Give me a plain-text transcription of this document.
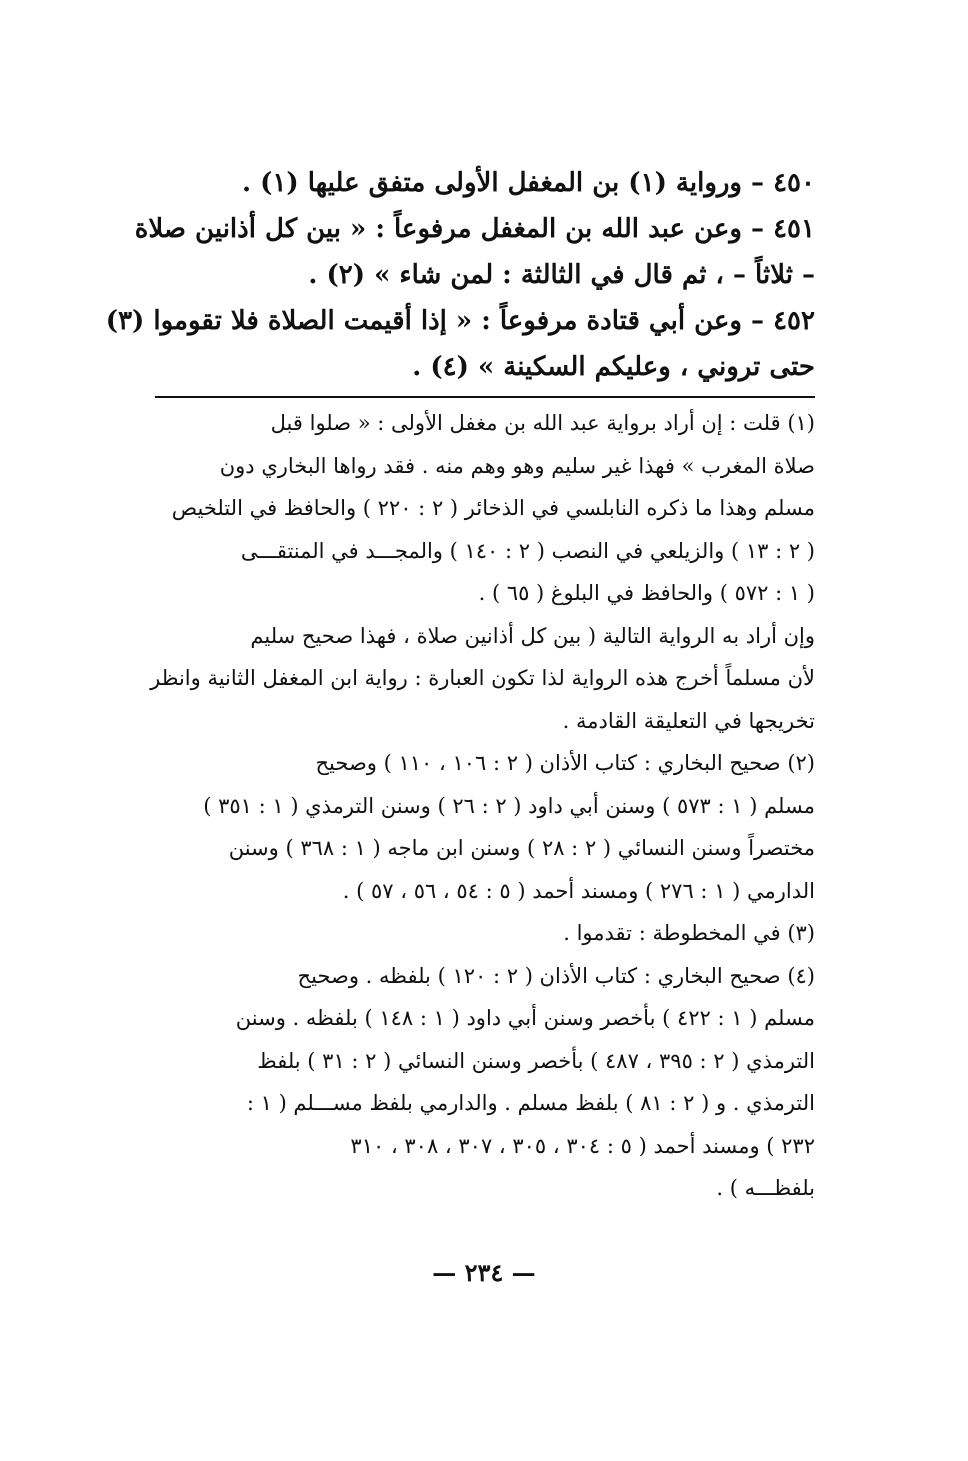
٤٥٠ – ورواية (١) بن المغفل الأولى متفق عليها (١) .

٤٥١ – وعن عبد الله بن المغفل مرفوعاً : « بين كل أذانين صلاة

– ثلاثاً – ، ثم قال في الثالثة : لمن شاء » (٢) .

٤٥٢ – وعن أبي قتادة مرفوعاً : « إذا أقيمت الصلاة فلا تقوموا (٣)

حتى تروني ، وعليكم السكينة » (٤) .

(١) قلت : إن أراد برواية عبد الله بن مغفل الأولى : « صلوا قبل

صلاة المغرب » فهذا غير سليم وهو وهم منه . فقد رواها البخاري دون

مسلم وهذا ما ذكره النابلسي في الذخائر ( ٢ : ٢٢٠ ) والحافظ في التلخيص

( ٢ : ١٣ ) والزيلعي في النصب ( ٢ : ١٤٠ ) والمجـــد في المنتقـــى

( ١ : ٥٧٢ ) والحافظ في البلوغ ( ٦٥ ) .

وإن أراد به الرواية التالية ( بين كل أذانين صلاة ، فهذا صحيح سليم

لأن مسلماً أخرج هذه الرواية لذا تكون العبارة : رواية ابن المغفل الثانية وانظر

تخريجها في التعليقة القادمة .

(٢) صحيح البخاري : كتاب الأذان ( ٢ : ١٠٦ ، ١١٠ ) وصحيح

مسلم ( ١ : ٥٧٣ ) وسنن أبي داود ( ٢ : ٢٦ ) وسنن الترمذي ( ١ : ٣٥١ )

مختصراً وسنن النسائي ( ٢ : ٢٨ ) وسنن ابن ماجه ( ١ : ٣٦٨ ) وسنن

الدارمي ( ١ : ٢٧٦ ) ومسند أحمد ( ٥ : ٥٤ ، ٥٦ ، ٥٧ ) .

(٣) في المخطوطة : تقدموا .

(٤) صحيح البخاري : كتاب الأذان ( ٢ : ١٢٠ ) بلفظه . وصحيح

مسلم ( ١ : ٤٢٢ ) بأخصر وسنن أبي داود ( ١ : ١٤٨ ) بلفظه . وسنن

الترمذي ( ٢ : ٣٩٥ ، ٤٨٧ ) بأخصر وسنن النسائي ( ٢ : ٣١ ) بلفظ

الترمذي . و ( ٢ : ٨١ ) بلفظ مسلم . والدارمي بلفظ مســـلم ( ١ :

٢٣٢ ) ومسند أحمد ( ٥ : ٣٠٤ ، ٣٠٥ ، ٣٠٧ ، ٣٠٨ ، ٣١٠

بلفظـــه ) .

— ٢٣٤ —
